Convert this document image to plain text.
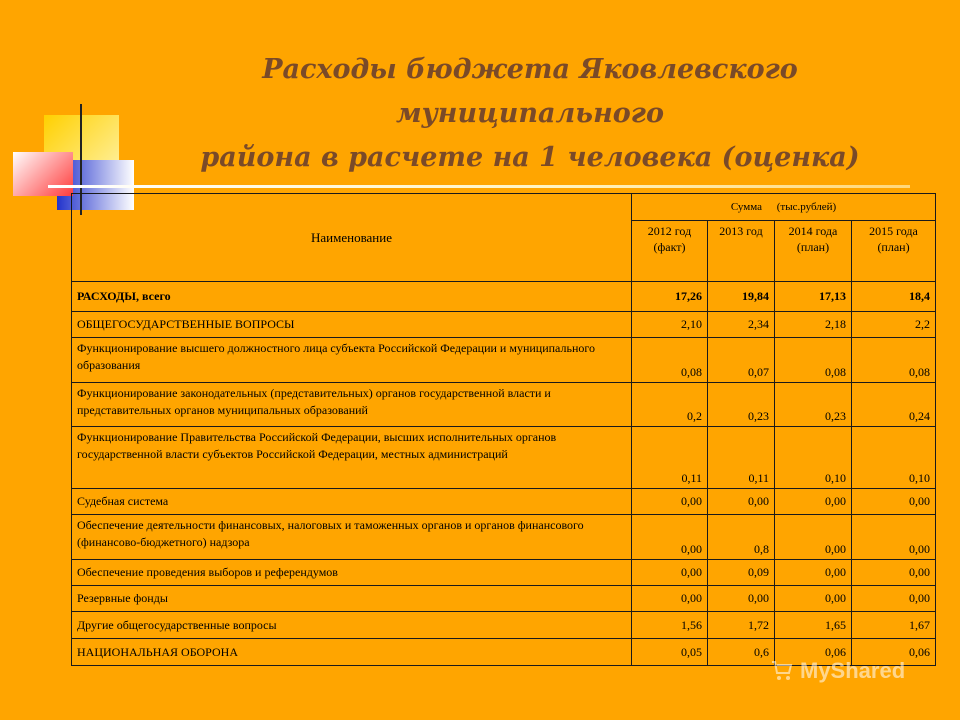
Расходы бюджета Яковлевского муниципального
района в расчете на 1 человека (оценка)
Наименование	Сумма (тыс.рублей)			
	2012 год (факт)	2013 год	2014 года (план)	2015 года (план)
РАСХОДЫ, всего	17,26	19,84	17,13	18,4
ОБЩЕГОСУДАРСТВЕННЫЕ ВОПРОСЫ	2,10	2,34	2,18	2,2
Функционирование высшего должностного лица субъекта Российской Федерации и муниципального образования	0,08	0,07	0,08	0,08
Функционирование законодательных (представительных) органов государственной власти и представительных органов муниципальных образований	0,2	0,23	0,23	0,24
Функционирование Правительства Российской Федерации, высших исполнительных органов государственной власти субъектов Российской Федерации, местных администраций	0,11	0,11	0,10	0,10
Судебная система	0,00	0,00	0,00	0,00
Обеспечение деятельности финансовых, налоговых и таможенных органов и органов финансового (финансово-бюджетного) надзора	0,00	0,8	0,00	0,00
Обеспечение проведения выборов и референдумов	0,00	0,09	0,00	0,00
Резервные фонды	0,00	0,00	0,00	0,00
Другие общегосударственные вопросы	1,56	1,72	1,65	1,67
НАЦИОНАЛЬНАЯ ОБОРОНА	0,05	0,6	0,06	0,06
MyShared
